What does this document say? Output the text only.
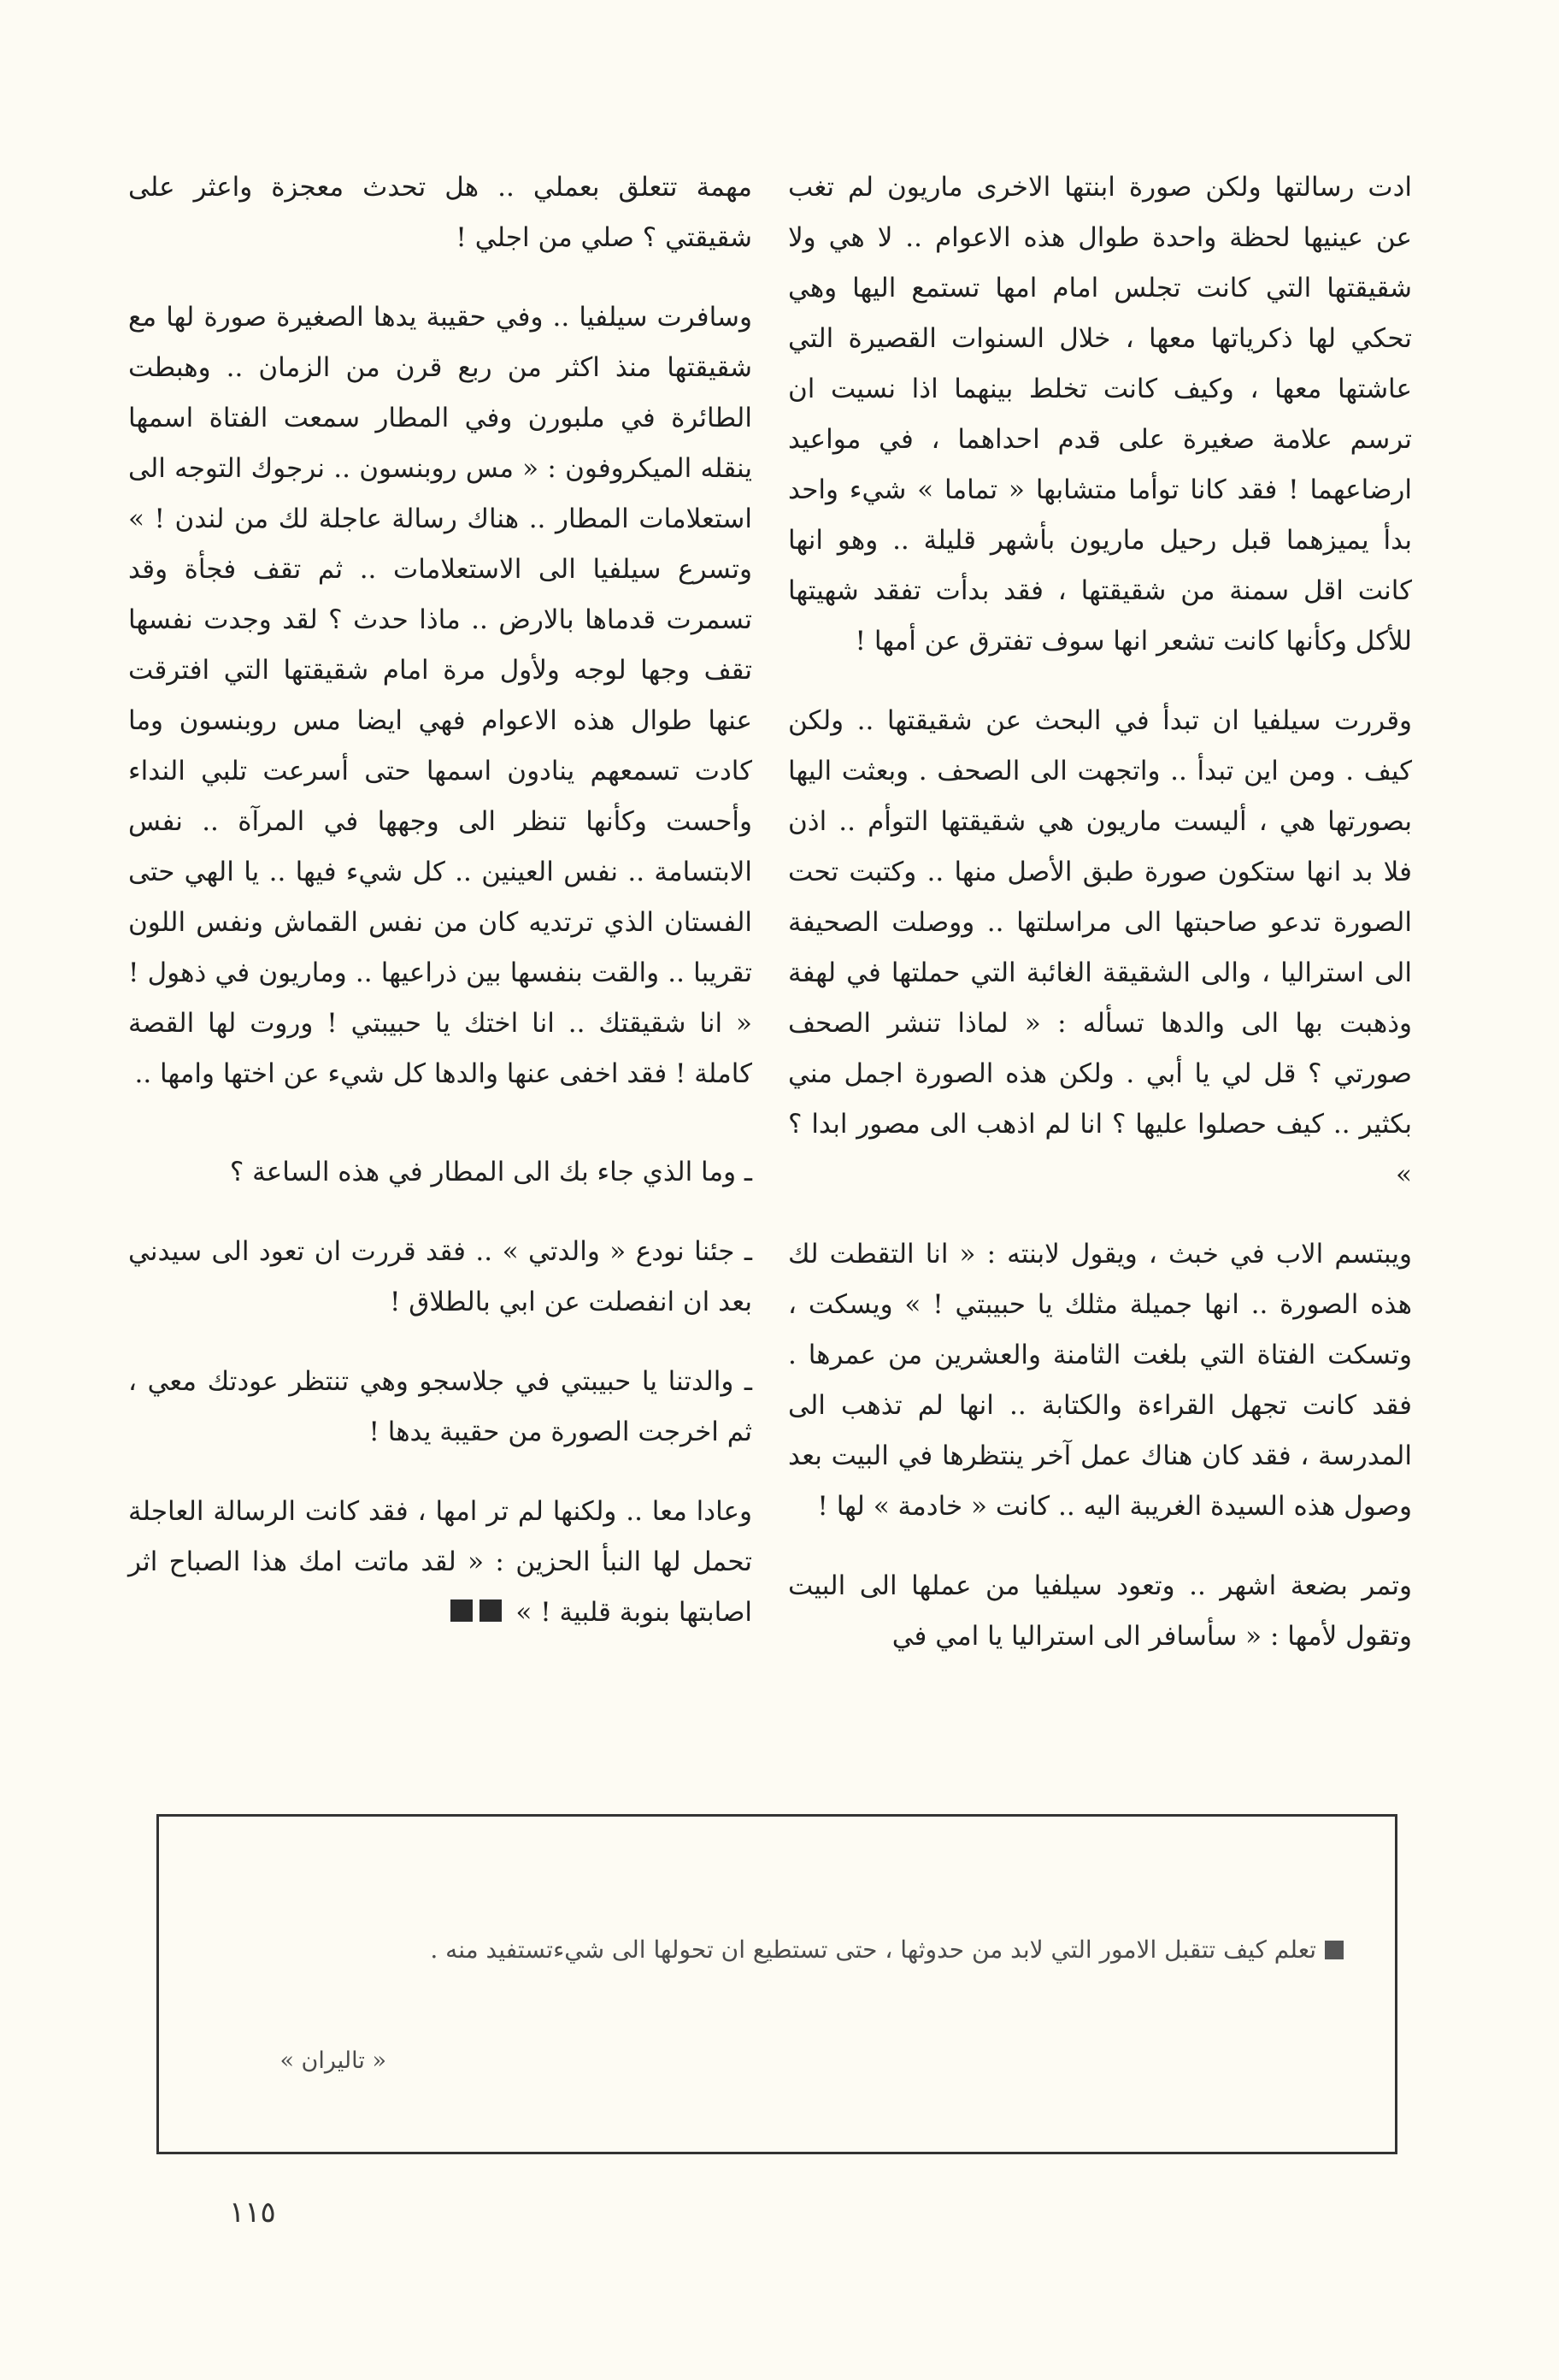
ادت رسالتها ولكن صورة ابنتها الاخرى ماريون لم تغب عن عينيها لحظة واحدة طوال هذه الاعوام .. لا هي ولا شقيقتها التي كانت تجلس امام امها تستمع اليها وهي تحكي لها ذكرياتها معها ، خلال السنوات القصيرة التي عاشتها معها ، وكيف كانت تخلط بينهما اذا نسيت ان ترسم علامة صغيرة على قدم احداهما ، في مواعيد ارضاعهما ! فقد كانا توأما متشابها « تماما » شيء واحد بدأ يميزهما قبل رحيل ماريون بأشهر قليلة .. وهو انها كانت اقل سمنة من شقيقتها ، فقد بدأت تفقد شهيتها للأكل وكأنها كانت تشعر انها سوف تفترق عن أمها !

وقررت سيلفيا ان تبدأ في البحث عن شقيقتها .. ولكن كيف . ومن اين تبدأ .. واتجهت الى الصحف . وبعثت اليها بصورتها هي ، أليست ماريون هي شقيقتها التوأم .. اذن فلا بد انها ستكون صورة طبق الأصل منها .. وكتبت تحت الصورة تدعو صاحبتها الى مراسلتها .. ووصلت الصحيفة الى استراليا ، والى الشقيقة الغائبة التي حملتها في لهفة وذهبت بها الى والدها تسأله : « لماذا تنشر الصحف صورتي ؟ قل لي يا أبي . ولكن هذه الصورة اجمل مني بكثير .. كيف حصلوا عليها ؟ انا لم اذهب الى مصور ابدا ؟ »

ويبتسم الاب في خبث ، ويقول لابنته : « انا التقطت لك هذه الصورة .. انها جميلة مثلك يا حبيبتي ! » ويسكت ، وتسكت الفتاة التي بلغت الثامنة والعشرين من عمرها . فقد كانت تجهل القراءة والكتابة .. انها لم تذهب الى المدرسة ، فقد كان هناك عمل آخر ينتظرها في البيت بعد وصول هذه السيدة الغريبة اليه .. كانت « خادمة » لها !

وتمر بضعة اشهر .. وتعود سيلفيا من عملها الى البيت وتقول لأمها : « سأسافر الى استراليا يا امي في

مهمة تتعلق بعملي .. هل تحدث معجزة واعثر على شقيقتي ؟ صلي من اجلي !

وسافرت سيلفيا .. وفي حقيبة يدها الصغيرة صورة لها مع شقيقتها منذ اكثر من ربع قرن من الزمان .. وهبطت الطائرة في ملبورن وفي المطار سمعت الفتاة اسمها ينقله الميكروفون : « مس روبنسون .. نرجوك التوجه الى استعلامات المطار .. هناك رسالة عاجلة لك من لندن ! » وتسرع سيلفيا الى الاستعلامات .. ثم تقف فجأة وقد تسمرت قدماها بالارض .. ماذا حدث ؟ لقد وجدت نفسها تقف وجها لوجه ولأول مرة امام شقيقتها التي افترقت عنها طوال هذه الاعوام فهي ايضا مس روبنسون وما كادت تسمعهم ينادون اسمها حتى أسرعت تلبي النداء وأحست وكأنها تنظر الى وجهها في المرآة .. نفس الابتسامة .. نفس العينين .. كل شيء فيها .. يا الهي حتى الفستان الذي ترتديه كان من نفس القماش ونفس اللون تقريبا .. والقت بنفسها بين ذراعيها .. وماريون في ذهول ! « انا شقيقتك .. انا اختك يا حبيبتي ! وروت لها القصة كاملة ! فقد اخفى عنها والدها كل شيء عن اختها وامها ..

ـ وما الذي جاء بك الى المطار في هذه الساعة ؟

ـ جئنا نودع « والدتي » .. فقد قررت ان تعود الى سيدني بعد ان انفصلت عن ابي بالطلاق !

ـ والدتنا يا حبيبتي في جلاسجو وهي تنتظر عودتك معي ، ثم اخرجت الصورة من حقيبة يدها !

وعادا معا .. ولكنها لم تر امها ، فقد كانت الرسالة العاجلة تحمل لها النبأ الحزين : « لقد ماتت امك هذا الصباح اثر اصابتها بنوبة قلبية ! »

تعلم كيف تتقبل الامور التي لابد من حدوثها ، حتى تستطيع ان تحولها الى شيءتستفيد منه .
« تاليران »
١١٥
